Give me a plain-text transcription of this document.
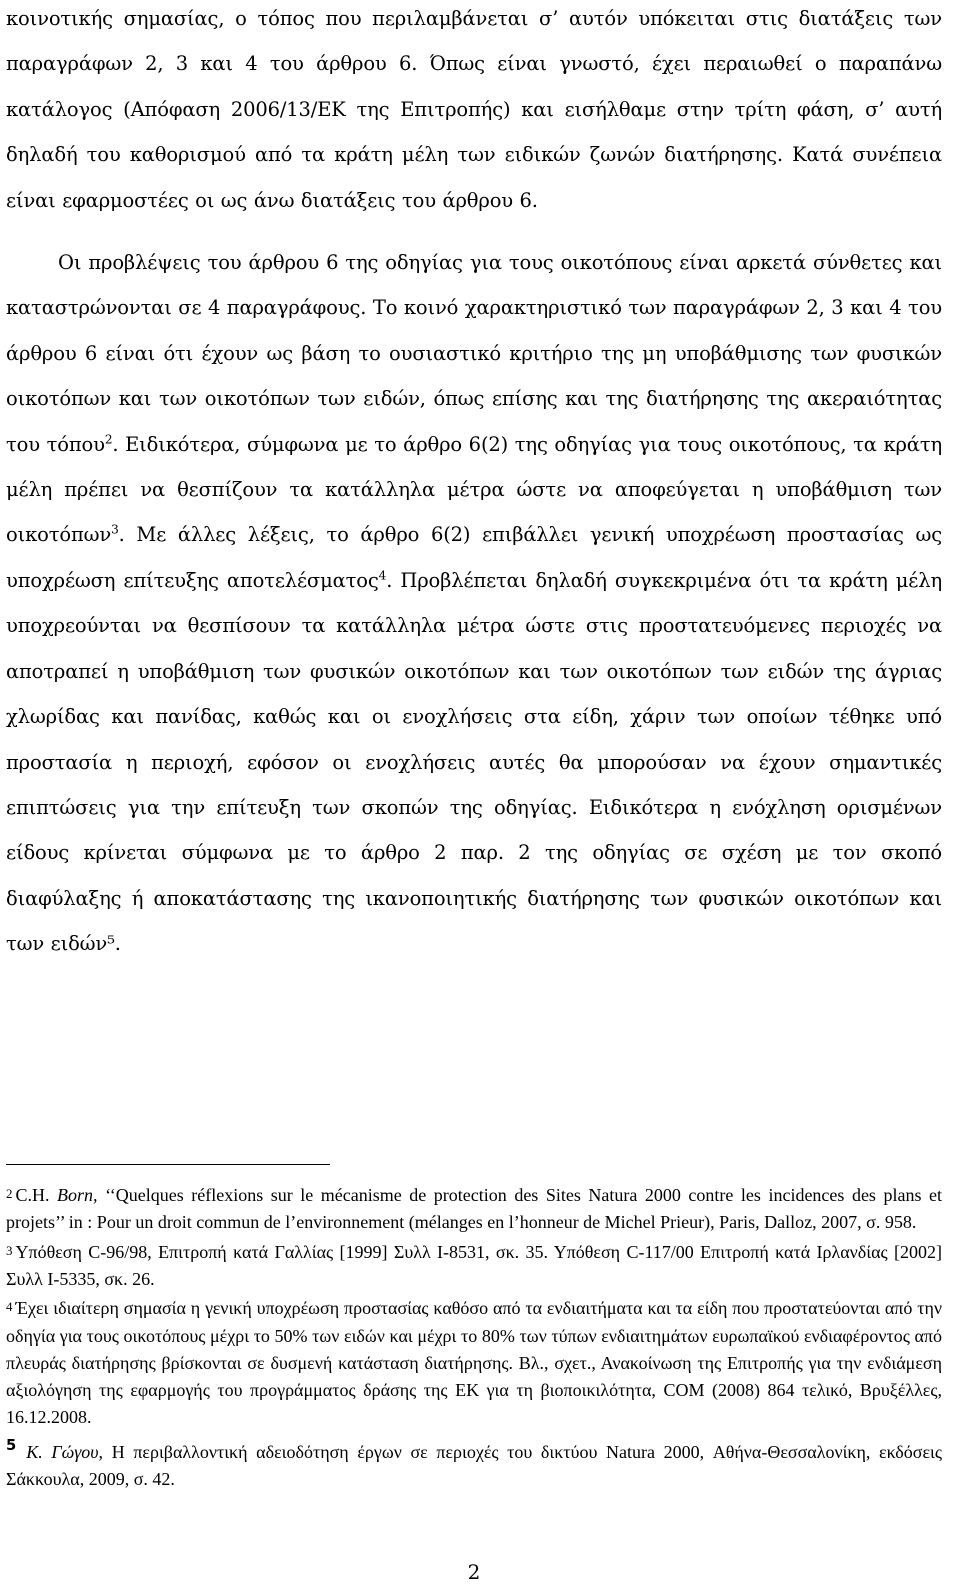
κοινοτικής σημασίας, ο τόπος που περιλαμβάνεται σ’ αυτόν υπόκειται στις διατάξεις των παραγράφων 2, 3 και 4 του άρθρου 6. Όπως είναι γνωστό, έχει περαιωθεί ο παραπάνω κατάλογος (Απόφαση 2006/13/ΕΚ της Επιτροπής) και εισήλθαμε στην τρίτη φάση, σ’ αυτή δηλαδή του καθορισμού από τα κράτη μέλη των ειδικών ζωνών διατήρησης. Κατά συνέπεια είναι εφαρμοστέες οι ως άνω διατάξεις του άρθρου 6.

Οι προβλέψεις του άρθρου 6 της οδηγίας για τους οικοτόπους είναι αρκετά σύνθετες και καταστρώνονται σε 4 παραγράφους. Το κοινό χαρακτηριστικό των παραγράφων 2, 3 και 4 του άρθρου 6 είναι ότι έχουν ως βάση το ουσιαστικό κριτήριο της μη υποβάθμισης των φυσικών οικοτόπων και των οικοτόπων των ειδών, όπως επίσης και της διατήρησης της ακεραιότητας του τόπου$^2$. Ειδικότερα, σύμφωνα με το άρθρο 6(2) της οδηγίας για τους οικοτόπους, τα κράτη μέλη πρέπει να θεσπίζουν τα κατάλληλα μέτρα ώστε να αποφεύγεται η υποβάθμιση των οικοτόπων$^3$. Με άλλες λέξεις, το άρθρο 6(2) επιβάλλει γενική υποχρέωση προστασίας ως υποχρέωση επίτευξης αποτελέσματος$^4$. Προβλέπεται δηλαδή συγκεκριμένα ότι τα κράτη μέλη υποχρεούνται να θεσπίσουν τα κατάλληλα μέτρα ώστε στις προστατευόμενες περιοχές να αποτραπεί η υποβάθμιση των φυσικών οικοτόπων και των οικοτόπων των ειδών της άγριας χλωρίδας και πανίδας, καθώς και οι ενοχλήσεις στα είδη, χάριν των οποίων τέθηκε υπό προστασία η περιοχή, εφόσον οι ενοχλήσεις αυτές θα μπορούσαν να έχουν σημαντικές επιπτώσεις για την επίτευξη των σκοπών της οδηγίας. Ειδικότερα η ενόχληση ορισμένων είδους κρίνεται σύμφωνα με το άρθρο 2 παρ. 2 της οδηγίας σε σχέση με τον σκοπό διαφύλαξης ή αποκατάστασης της ικανοποιητικής διατήρησης των φυσικών οικοτόπων και των ειδών⁵.

2 C.H. Born, ‘‘Quelques réflexions sur le mécanisme de protection des Sites Natura 2000 contre les incidences des plans et projets’’ in : Pour un droit commun de l’environnement (mélanges en l’honneur de Michel Prieur), Paris, Dalloz, 2007, σ. 958.

3 Υπόθεση C-96/98, Επιτροπή κατά Γαλλίας [1999] Συλλ Ι-8531, σκ. 35. Υπόθεση C-117/00 Επιτροπή κατά Ιρλανδίας [2002] Συλλ Ι-5335, σκ. 26.

4 Έχει ιδιαίτερη σημασία η γενική υποχρέωση προστασίας καθόσο από τα ενδιαιτήματα και τα είδη που προστατεύονται από την οδηγία για τους οικοτόπους μέχρι το 50% των ειδών και μέχρι το 80% των τύπων ενδιαιτημάτων ευρωπαϊκού ενδιαφέροντος από πλευράς διατήρησης βρίσκονται σε δυσμενή κατάσταση διατήρησης. Βλ., σχετ., Ανακοίνωση της Επιτροπής για την ενδιάμεση αξιολόγηση της εφαρμογής του προγράμματος δράσης της ΕΚ για τη βιοποικιλότητα, COM (2008) 864 τελικό, Βρυξέλλες, 16.12.2008.

$^5$ Κ. Γώγου, Η περιβαλλοντική αδειοδότηση έργων σε περιοχές του δικτύου Natura 2000, Αθήνα-Θεσσαλονίκη, εκδόσεις Σάκκουλα, 2009, σ. 42.

2
